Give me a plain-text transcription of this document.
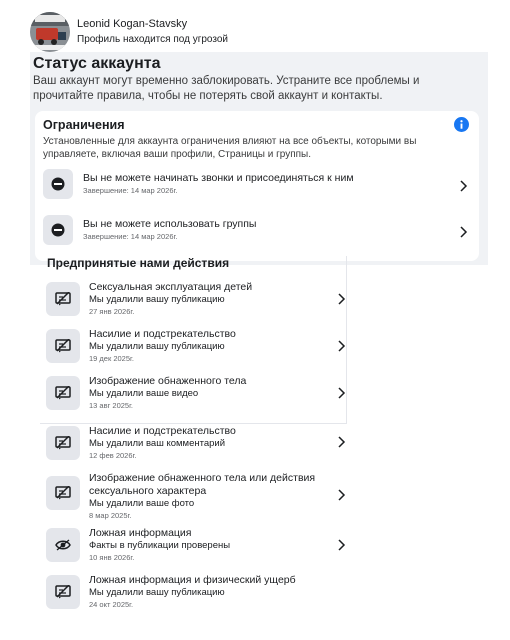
Leonid Kogan-Stavsky
Профиль находится под угрозой
Статус аккаунта
Ваш аккаунт могут временно заблокировать. Устраните все проблемы и прочитайте правила, чтобы не потерять свой аккаунт и контакты.
Ограничения
Установленные для аккаунта ограничения влияют на все объекты, которыми вы управляете, включая ваши профили, Страницы и группы.
Вы не можете начинать звонки и присоединяться к ним
Завершение: 14 мар 2026г.
Вы не можете использовать группы
Завершение: 14 мар 2026г.
Предпринятые нами действия
Сексуальная эксплуатация детей
Мы удалили вашу публикацию
27 янв 2026г.
Насилие и подстрекательство
Мы удалили вашу публикацию
19 дек 2025г.
Изображение обнаженного тела
Мы удалили ваше видео
13 авг 2025г.
Насилие и подстрекательство
Мы удалили ваш комментарий
12 фев 2026г.
Изображение обнаженного тела или действия сексуального характера
Мы удалили ваше фото
8 мар 2025г.
Ложная информация
Факты в публикации проверены
10 янв 2026г.
Ложная информация и физический ущерб
Мы удалили вашу публикацию
24 окт 2025г.
